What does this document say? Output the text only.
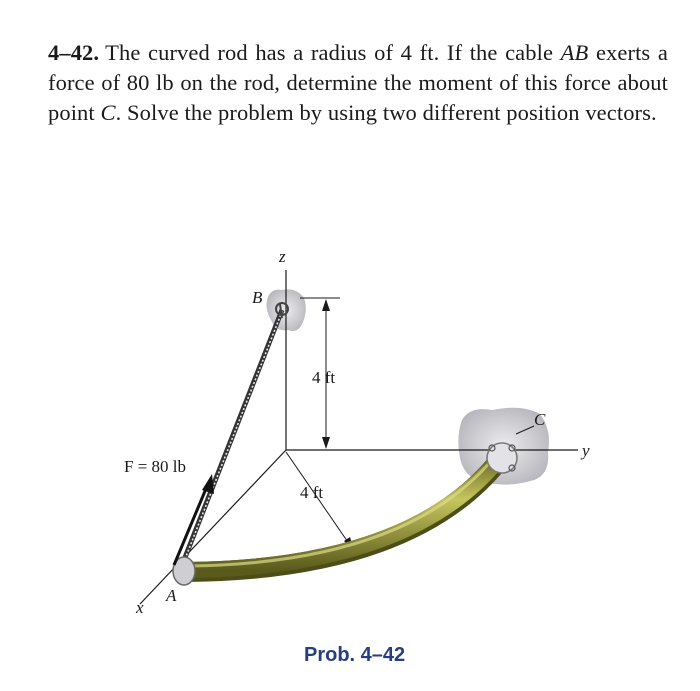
4–42. The curved rod has a radius of 4 ft. If the cable AB exerts a force of 80 lb on the rod, determine the moment of this force about point C. Solve the problem by using two different position vectors.
z
B
4 ft
C
y
F = 80 lb
4 ft
A
x
Prob. 4–42
